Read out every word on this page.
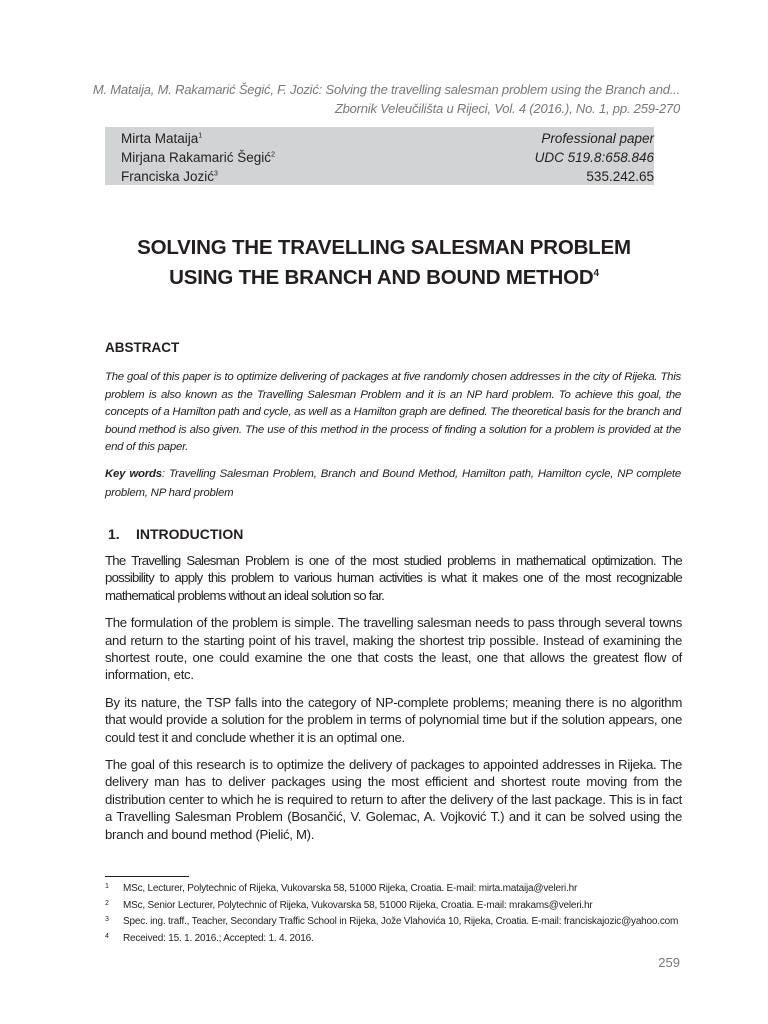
M. Mataija, M. Rakamarić Šegić, F. Jozić: Solving the travelling salesman problem using the Branch and...
Zbornik Veleučilišta u Rijeci, Vol. 4 (2016.), No. 1, pp. 259-270
Mirta Mataija$^1$	Professional paper
Mirjana Rakamarić Šegić$^2$	UDC 519.8:658.846
Franciska Jozić$^3$	535.242.65
SOLVING THE TRAVELLING SALESMAN PROBLEM
USING THE BRANCH AND BOUND METHOD$^4$
ABSTRACT
The goal of this paper is to optimize delivering of packages at five randomly chosen addresses in the city of Rijeka. This problem is also known as the Travelling Salesman Problem and it is an NP hard problem. To achieve this goal, the concepts of a Hamilton path and cycle, as well as a Hamilton graph are defined. The theoretical basis for the branch and bound method is also given. The use of this method in the process of finding a solution for a problem is provided at the end of this paper.
Key words: Travelling Salesman Problem, Branch and Bound Method, Hamilton path, Hamilton cycle, NP complete problem, NP hard problem
1. INTRODUCTION

The Travelling Salesman Problem is one of the most studied problems in mathematical optimization. The possibility to apply this problem to various human activities is what it makes one of the most recognizable mathematical problems without an ideal solution so far.

The formulation of the problem is simple. The travelling salesman needs to pass through several towns and return to the starting point of his travel, making the shortest trip possible. Instead of examining the shortest route, one could examine the one that costs the least, one that allows the greatest flow of information, etc.

By its nature, the TSP falls into the category of NP-complete problems; meaning there is no algorithm that would provide a solution for the problem in terms of polynomial time but if the solution appears, one could test it and conclude whether it is an optimal one.

The goal of this research is to optimize the delivery of packages to appointed addresses in Rijeka. The delivery man has to deliver packages using the most efficient and shortest route moving from the distribution center to which he is required to return to after the delivery of the last package. This is in fact a Travelling Salesman Problem (Bosančić, V. Golemac, A. Vojković T.) and it can be solved using the branch and bound method (Pielić, M).

1	MSc, Lecturer, Polytechnic of Rijeka, Vukovarska 58, 51000 Rijeka, Croatia. E-mail: mirta.mataija@veleri.hr
2	MSc, Senior Lecturer, Polytechnic of Rijeka, Vukovarska 58, 51000 Rijeka, Croatia. E-mail: mrakams@veleri.hr
3	Spec. ing. traff., Teacher, Secondary Traffic School in Rijeka, Jože Vlahovića 10, Rijeka, Croatia. E-mail: franciskajozic@yahoo.com
4	Received: 15. 1. 2016.; Accepted: 1. 4. 2016.
259
